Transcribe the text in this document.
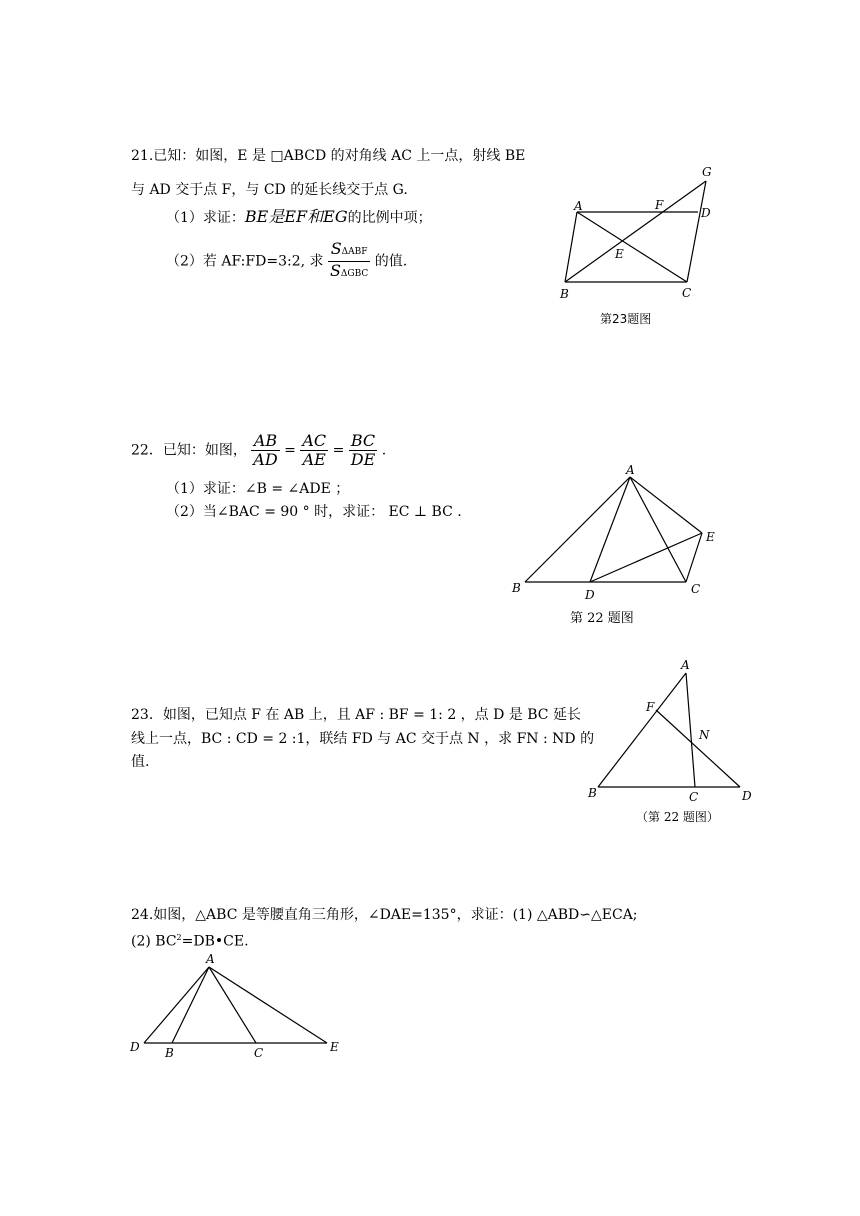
21.已知：如图，E 是 □ABCD 的对角线 AC 上一点，射线 BE
与 AD 交于点 F，与 CD 的延长线交于点 G.
（1）求证：BE是EF和EG的比例中项；
（2）若 AF:FD=3:2, 求 $\frac{\text{SΔABF}}{\text{SΔGBC}}$ 的值.
G
A	F
D
E
B	C
第23题图
22．已知：如图， $\frac{AB}{AD} = \frac{AC}{AE} = \frac{BC}{DE}$ .
（1）求证：∠B = ∠ADE ；
（2）当∠BAC = 90 ° 时，求证： EC ⊥ BC .
A
E
B	D	C
第 22 题图
23．如图，已知点 F 在 AB 上，且 AF : BF = 1: 2 ，点 D 是 BC 延长
线上一点，BC : CD = 2 :1，联结 FD 与 AC 交于点 N ，求 FN : ND 的
值.
A
F
N
B	C	D
（第 22 题图）
24.如图，△ABC 是等腰直角三角形，∠DAE=135°，求证：(1) △ABD∽△ECA;
(2) $BC^2=DB•CE$.
A
D B	C	E
